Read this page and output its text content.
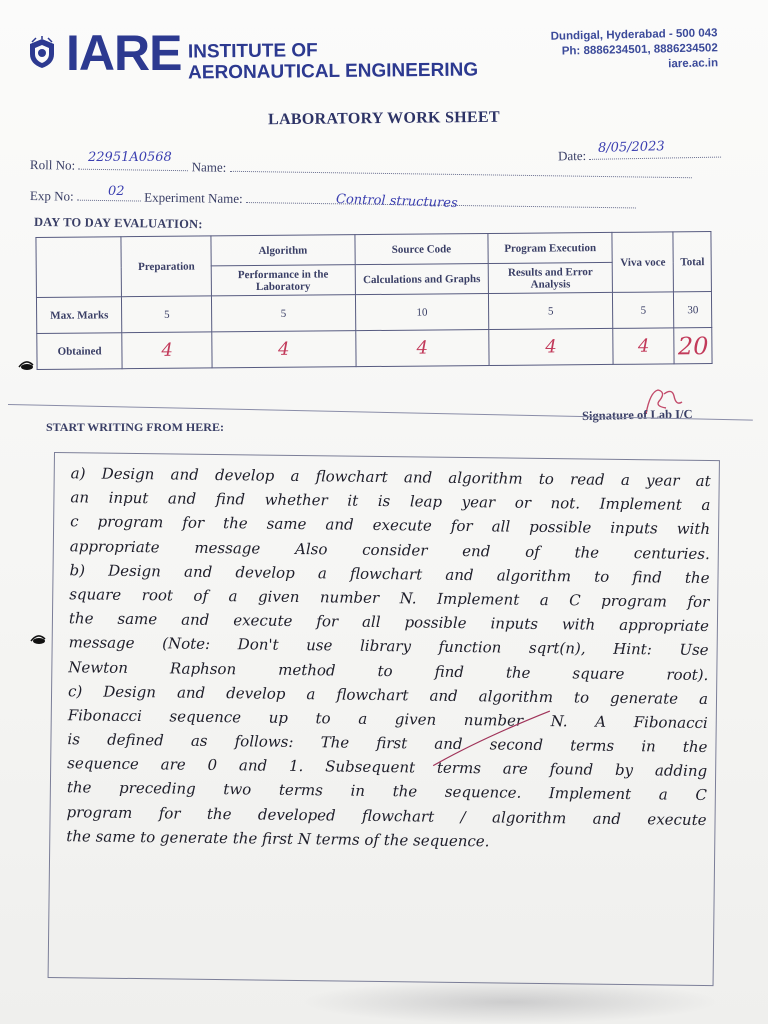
IARE INSTITUTE OF
AERONAUTICAL ENGINEERING
Dundigal, Hyderabad - 500 043
Ph: 8886234501, 8886234502
iare.ac.in
LABORATORY WORK SHEET
Date: 8/05/2023
Roll No:	Name:
22951A0568
Exp No:	Experiment Name:
02
Control structures
DAY TO DAY EVALUATION:
	Preparation	Algorithm	Source Code	Program Execution	Viva voce	Total
		Performance in the Laboratory	Calculations and Graphs	Results and Error Analysis		
Max. Marks	5	5	10	5	5	30
Obtained	4	4	4	4	4	20
Signature of Lab I/C
START WRITING FROM HERE:
a) Design and develop a flowchart and algorithm to read a year at
an input and find whether it is leap year or not. Implement a
c program for the same and execute for all possible inputs with
appropriate message Also consider end of the centuries.
b) Design and develop a flowchart and algorithm to find the
square root of a given number N. Implement a C program for
the same and execute for all possible inputs with appropriate
message (Note: Don't use library function sqrt(n), Hint: Use
Newton Raphson method to find the square root).
c) Design and develop a flowchart and algorithm to generate a
Fibonacci sequence up to a given number N. A Fibonacci
is defined as follows: The first and second terms in the
sequence are 0 and 1. Subsequent terms are found by adding
the preceding two terms in the sequence. Implement a C
program for the developed flowchart / algorithm and execute
the same to generate the first N terms of the sequence.
